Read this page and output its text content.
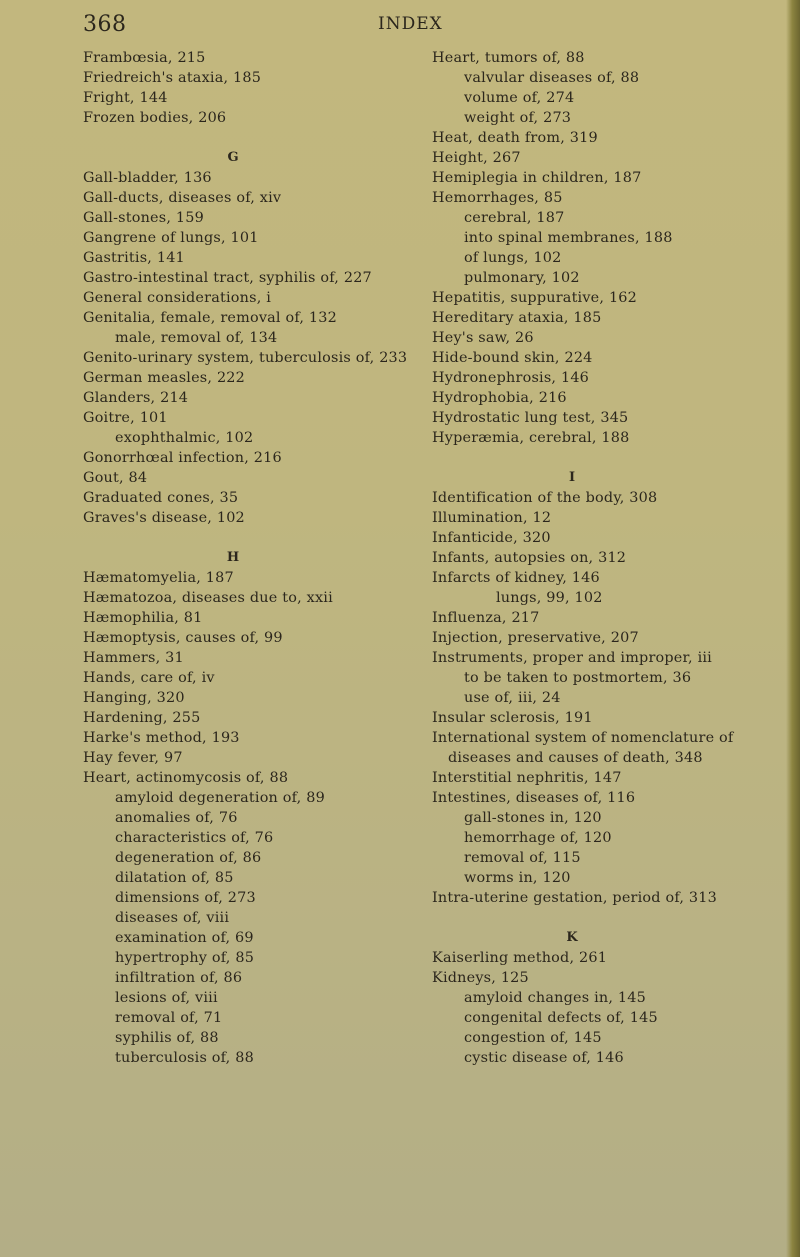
368	INDEX
Frambœsia, 215
Friedreich's ataxia, 185
Fright, 144
Frozen bodies, 206
G
Gall-bladder, 136
Gall-ducts, diseases of, xiv
Gall-stones, 159
Gangrene of lungs, 101
Gastritis, 141
Gastro-intestinal tract, syphilis of, 227
General considerations, i
Genitalia, female, removal of, 132
male, removal of, 134
Genito-urinary system, tuberculosis of, 233
German measles, 222
Glanders, 214
Goitre, 101
exophthalmic, 102
Gonorrhœal infection, 216
Gout, 84
Graduated cones, 35
Graves's disease, 102
H
Hæmatomyelia, 187
Hæmatozoa, diseases due to, xxii
Hæmophilia, 81
Hæmoptysis, causes of, 99
Hammers, 31
Hands, care of, iv
Hanging, 320
Hardening, 255
Harke's method, 193
Hay fever, 97
Heart, actinomycosis of, 88
amyloid degeneration of, 89
anomalies of, 76
characteristics of, 76
degeneration of, 86
dilatation of, 85
dimensions of, 273
diseases of, viii
examination of, 69
hypertrophy of, 85
infiltration of, 86
lesions of, viii
removal of, 71
syphilis of, 88
tuberculosis of, 88
Heart, tumors of, 88
valvular diseases of, 88
volume of, 274
weight of, 273
Heat, death from, 319
Height, 267
Hemiplegia in children, 187
Hemorrhages, 85
cerebral, 187
into spinal membranes, 188
of lungs, 102
pulmonary, 102
Hepatitis, suppurative, 162
Hereditary ataxia, 185
Hey's saw, 26
Hide-bound skin, 224
Hydronephrosis, 146
Hydrophobia, 216
Hydrostatic lung test, 345
Hyperæmia, cerebral, 188
I
Identification of the body, 308
Illumination, 12
Infanticide, 320
Infants, autopsies on, 312
Infarcts of kidney, 146
lungs, 99, 102
Influenza, 217
Injection, preservative, 207
Instruments, proper and improper, iii
to be taken to postmortem, 36
use of, iii, 24
Insular sclerosis, 191
International system of nomenclature of
diseases and causes of death, 348
Interstitial nephritis, 147
Intestines, diseases of, 116
gall-stones in, 120
hemorrhage of, 120
removal of, 115
worms in, 120
Intra-uterine gestation, period of, 313
K
Kaiserling method, 261
Kidneys, 125
amyloid changes in, 145
congenital defects of, 145
congestion of, 145
cystic disease of, 146
